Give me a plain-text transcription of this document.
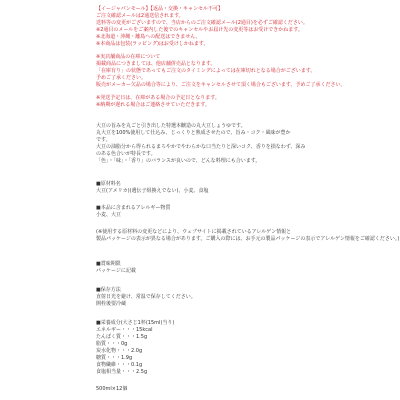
【イージャパンモール】【返品・交換・キャンセル不可】
ご注文確認メールは2通送信されます。
送料等の変更がございますので、当店からのご注文確認メール(2通目)を必ずご確認ください。
※2通目のメールをご案内した後でのキャンセルやお届け先の変更等はお受けできかねます。
※北海道・沖縄・離島への配送はできません。
※本商品は包装(ラッピング)はお受けしかねます。
※実店舗商品の在庫について
掲載商品につきましては、他店舗併売品となります。
「在庫有り」の状態であってもご注文のタイミングによっては在庫切れとなる場合がございます。
予めご了承ください。
販売がメーカー欠品の場合等により、ご注文をキャンセルさせて頂く場合もございます。予めご了承ください。
※発送予定日は、在庫がある場合の予定日となります。
※納期が遅れる場合はご連絡させていただきます。
大豆の旨みを丸ごと引き出した特選本醸造の丸大豆しょうゆです。
丸大豆を100%使用して仕込み、じっくりと熟成させたので、旨み・コク・風味が豊か
です。
大豆の油脂分から得られるまろやかでやわらかな口当たりと深いコク、香りを損なわず、深み
のある色合いが特長です。
「色」・「味」・「香り」のバランスが良いので、どんな料理にも合います。
■原材料名
大豆(アメリカ)(遺伝子組換えでない)、小麦、食塩
■本品に含まれるアレルギー物質
小麦、大豆
(※使用する原材料の変更などにより、ウェブサイトに掲載されているアレルゲン情報と
製品パッケージの表示が異なる場合があります。ご購入の際には、お手元の製品パッケージの表示でアレルゲン情報をご確認ください。)
■賞味期限
パッケージに記載
■保存方法
直射日光を避け、常温で保存してください。
開栓後要冷蔵
■栄養成分(大さじ1杯(15ml)当り)
エネルギー・・・15kcal
たんぱく質・・・1.5g
脂質・・・0g
炭水化物・・・2.0g
糖質・・・1.9g
食物繊維・・・0.1g
食塩相当量・・・2.5g
500ml×12個
